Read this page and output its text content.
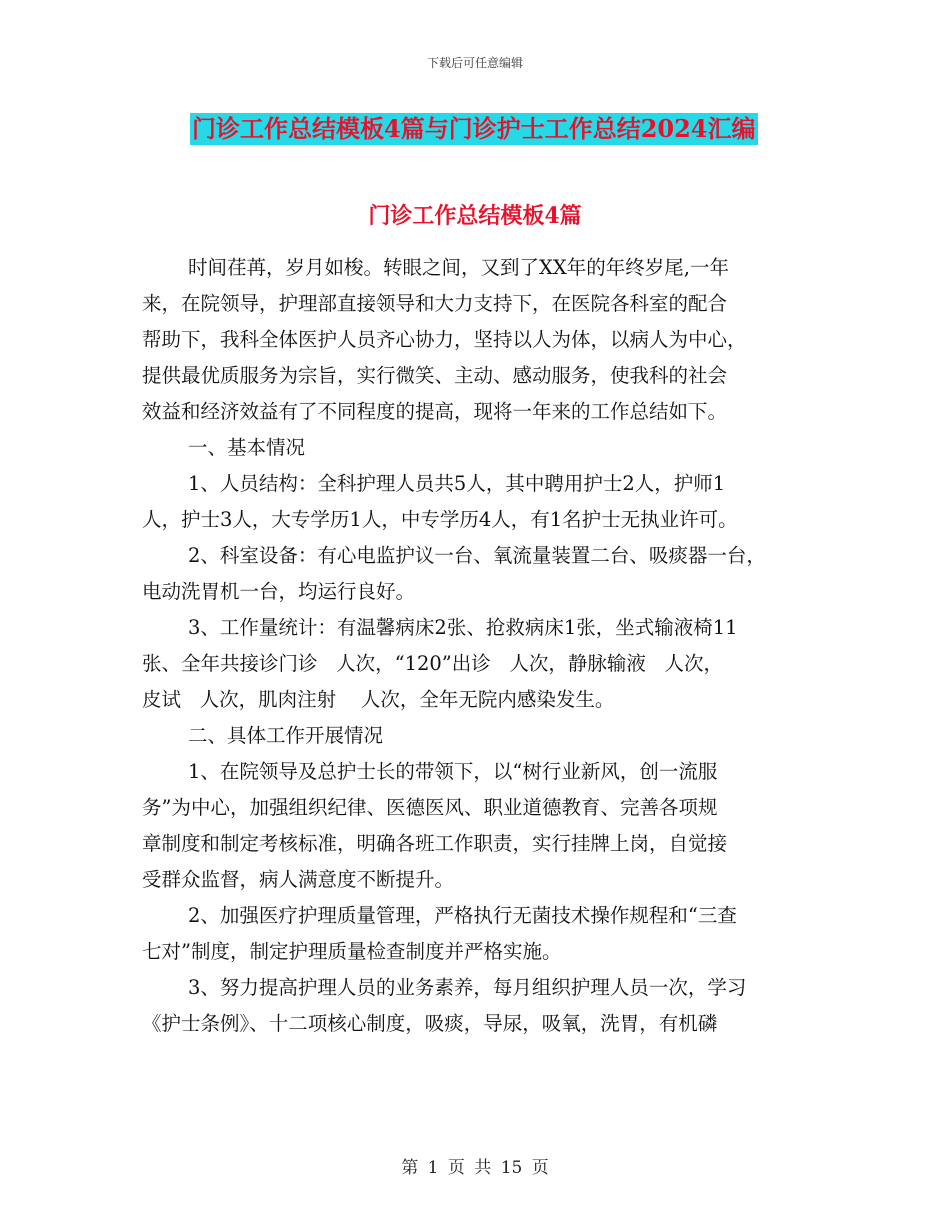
下载后可任意编辑
门诊工作总结模板4篇与门诊护士工作总结2024汇编
门诊工作总结模板4篇
时间荏苒，岁月如梭。转眼之间，又到了XX年的年终岁尾,一年
来，在院领导，护理部直接领导和大力支持下，在医院各科室的配合
帮助下，我科全体医护人员齐心协力，坚持以人为体，以病人为中心，
提供最优质服务为宗旨，实行微笑、主动、感动服务，使我科的社会
效益和经济效益有了不同程度的提高，现将一年来的工作总结如下。
一、基本情况
1、人员结构：全科护理人员共5人，其中聘用护士2人，护师1
人，护士3人，大专学历1人，中专学历4人，有1名护士无执业许可。
2、科室设备：有心电监护议一台、氧流量装置二台、吸痰器一台，
电动洗胃机一台，均运行良好。
3、工作量统计：有温馨病床2张、抢救病床1张，坐式输液椅11
张、全年共接诊门诊   人次，“120”出诊   人次，静脉输液   人次，
皮试   人次，肌肉注射    人次，全年无院内感染发生。
二、具体工作开展情况
1、在院领导及总护士长的带领下，以“树行业新风，创一流服
务”为中心，加强组织纪律、医德医风、职业道德教育、完善各项规
章制度和制定考核标准，明确各班工作职责，实行挂牌上岗，自觉接
受群众监督，病人满意度不断提升。
2、加强医疗护理质量管理，严格执行无菌技术操作规程和“三查
七对”制度，制定护理质量检查制度并严格实施。
3、努力提高护理人员的业务素养，每月组织护理人员一次，学习
《护士条例》、十二项核心制度，吸痰，导尿，吸氧，洗胃，有机磷
第 1 页 共 15 页
